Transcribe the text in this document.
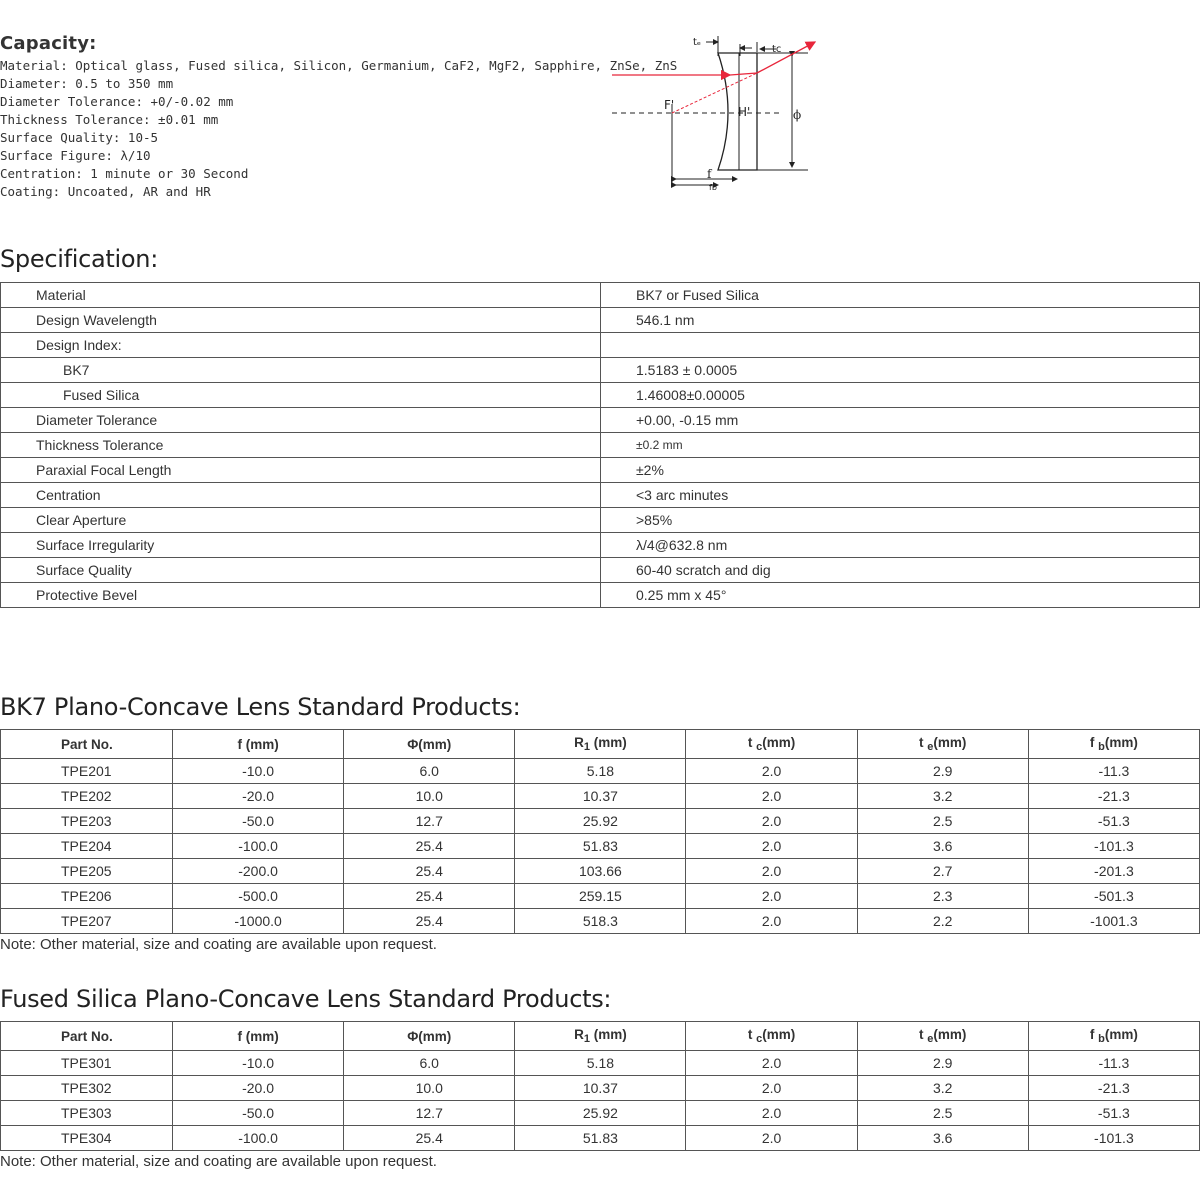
Capacity:
Material: Optical glass, Fused silica, Silicon, Germanium, CaF2, MgF2, Sapphire, ZnSe, ZnS
Diameter: 0.5 to 350 mm
Diameter Tolerance: +0/-0.02 mm
Thickness Tolerance: ±0.01 mm
Surface Quality: 10-5
Surface Figure: λ/10
Centration: 1 minute or 30 Second
Coating: Uncoated, AR and HR
ϕ
tₑ
tc
f
fb
F'	H'
Specification:
Material	BK7 or Fused Silica
Design Wavelength	546.1 nm
Design Index:	
BK7	1.5183 ± 0.0005
Fused Silica	1.46008±0.00005
Diameter Tolerance	+0.00, -0.15 mm
Thickness Tolerance	±0.2 mm
Paraxial Focal Length	±2%
Centration	<3 arc minutes
Clear Aperture	>85%
Surface Irregularity	λ/4@632.8 nm
Surface Quality	60-40 scratch and dig
Protective Bevel	0.25 mm x 45°
BK7 Plano-Concave Lens Standard Products:
Part No.	f (mm)	Φ(mm)	$R_1$ (mm)	t $_c$(mm)	t $_e$(mm)	f $_b$(mm)
TPE201	-10.0	6.0	5.18	2.0	2.9	-11.3
TPE202	-20.0	10.0	10.37	2.0	3.2	-21.3
TPE203	-50.0	12.7	25.92	2.0	2.5	-51.3
TPE204	-100.0	25.4	51.83	2.0	3.6	-101.3
TPE205	-200.0	25.4	103.66	2.0	2.7	-201.3
TPE206	-500.0	25.4	259.15	2.0	2.3	-501.3
TPE207	-1000.0	25.4	518.3	2.0	2.2	-1001.3
Note: Other material, size and coating are available upon request.
Fused Silica Plano-Concave Lens Standard Products:
Part No.	f (mm)	Φ(mm)	$R_1$ (mm)	t $_c$(mm)	t $_e$(mm)	f $_b$(mm)
TPE301	-10.0	6.0	5.18	2.0	2.9	-11.3
TPE302	-20.0	10.0	10.37	2.0	3.2	-21.3
TPE303	-50.0	12.7	25.92	2.0	2.5	-51.3
TPE304	-100.0	25.4	51.83	2.0	3.6	-101.3
Note: Other material, size and coating are available upon request.
